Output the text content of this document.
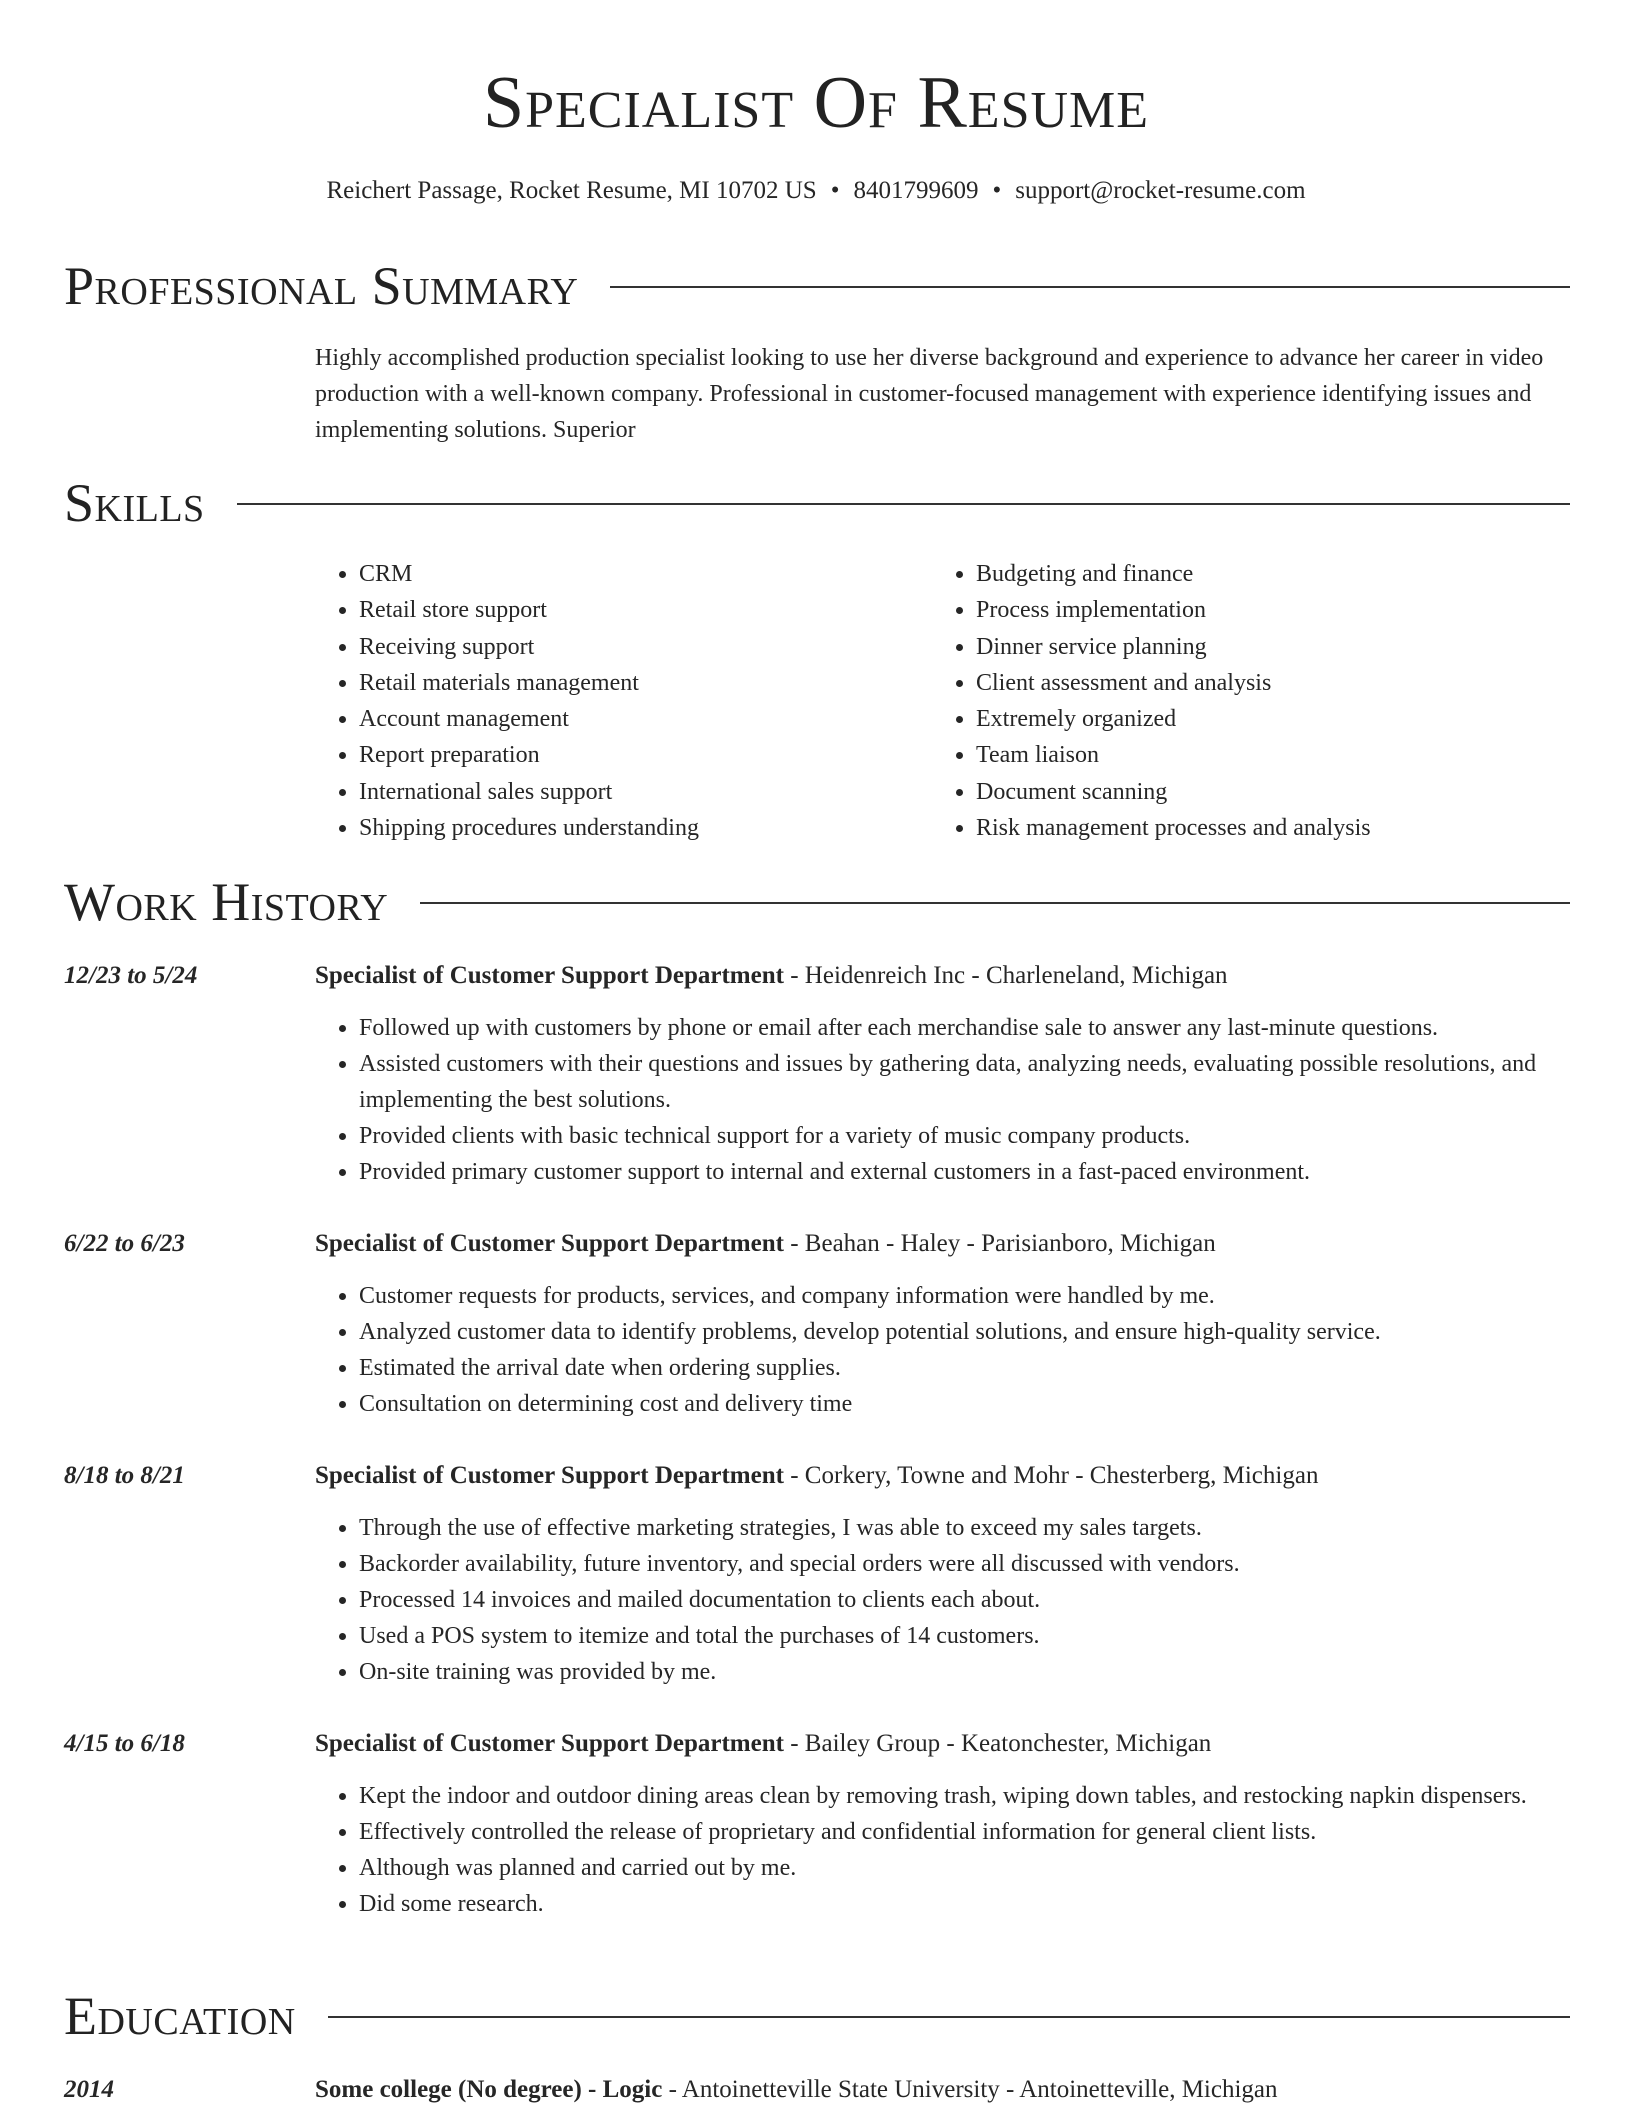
Specialist Of Resume
Reichert Passage, Rocket Resume, MI 10702 US • 8401799609 • support@rocket-resume.com
Professional Summary
Highly accomplished production specialist looking to use her diverse background and experience to advance her career in video production with a well-known company. Professional in customer-focused management with experience identifying issues and implementing solutions. Superior
Skills
• CRM
• Retail store support
• Receiving support
• Retail materials management
• Account management
• Report preparation
• International sales support
• Shipping procedures understanding
• Budgeting and finance
• Process implementation
• Dinner service planning
• Client assessment and analysis
• Extremely organized
• Team liaison
• Document scanning
• Risk management processes and analysis
Work History
12/23 to 5/24	Specialist of Customer Support Department - Heidenreich Inc - Charleneland, Michigan
• Followed up with customers by phone or email after each merchandise sale to answer any last-minute questions.
• Assisted customers with their questions and issues by gathering data, analyzing needs, evaluating possible resolutions, and implementing the best solutions.
• Provided clients with basic technical support for a variety of music company products.
• Provided primary customer support to internal and external customers in a fast-paced environment.
6/22 to 6/23	Specialist of Customer Support Department - Beahan - Haley - Parisianboro, Michigan
• Customer requests for products, services, and company information were handled by me.
• Analyzed customer data to identify problems, develop potential solutions, and ensure high-quality service.
• Estimated the arrival date when ordering supplies.
• Consultation on determining cost and delivery time
8/18 to 8/21	Specialist of Customer Support Department - Corkery, Towne and Mohr - Chesterberg, Michigan
• Through the use of effective marketing strategies, I was able to exceed my sales targets.
• Backorder availability, future inventory, and special orders were all discussed with vendors.
• Processed 14 invoices and mailed documentation to clients each about.
• Used a POS system to itemize and total the purchases of 14 customers.
• On-site training was provided by me.
4/15 to 6/18	Specialist of Customer Support Department - Bailey Group - Keatonchester, Michigan
• Kept the indoor and outdoor dining areas clean by removing trash, wiping down tables, and restocking napkin dispensers.
• Effectively controlled the release of proprietary and confidential information for general client lists.
• Although was planned and carried out by me.
• Did some research.
Education
2014	Some college (No degree) - Logic - Antoinetteville State University - Antoinetteville, Michigan
